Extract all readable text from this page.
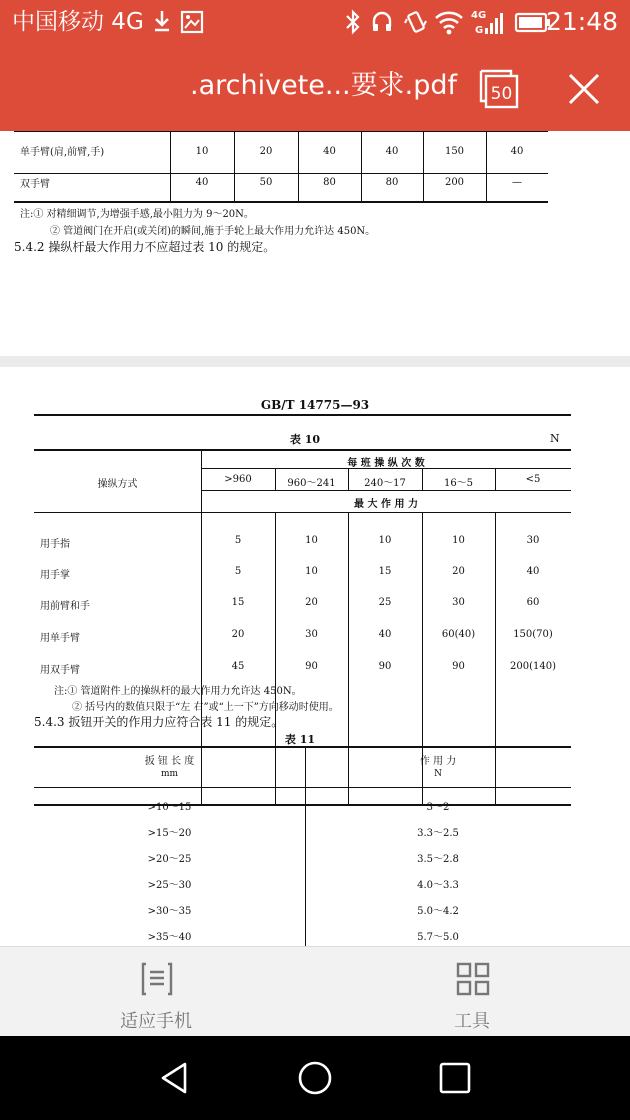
中国移动 4G	4G
G	21:48
.archivete...要求.pdf 50
单手臂(肩,前臂,手)	10	20	40	40	150	40
双手臂	40	50	80	80	200	—
注:① 对精细调节,为增强手感,最小阻力为 9～20N。
② 管道阀门在开启(或关闭)的瞬间,施于手轮上最大作用力允许达 450N。
5.4.2 操纵杆最大作用力不应超过表 10 的规定。
GB/T 14775—93
表 10	N
操纵方式
每 班 操 纵 次 数
>960	960～241	240～17	16～5	<5
最 大 作 用 力
用手指	5	10	10	10	30
用手掌	5	10	15	20	40
用前臂和手	15	20	25	30	60
用单手臂	20	30	40	60(40)	150(70)
用双手臂	45	90	90	90	200(140)
注:① 管道附件上的操纵杆的最大作用力允许达 450N。
② 括号内的数值只限于“左 右”或“上一下”方向移动时使用。
5.4.3 扳钮开关的作用力应符合表 11 的规定。
表 11
扳 钮 长 度
mm
作 用 力
N
>10～15	3～2
>15～20	3.3～2.5
>20～25	3.5～2.8
>25～30	4.0～3.3
>30～35	5.0～4.2
>35～40	5.7～5.0
适应手机	工具
